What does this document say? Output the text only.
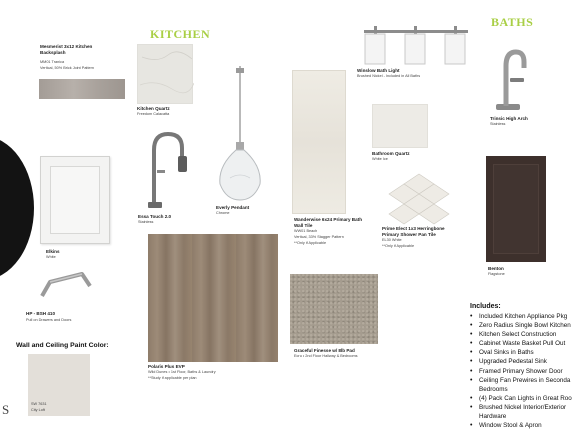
S
KITCHEN
BATHS
Mesmerist 3x12 Kitchen Backsplash
MM01 Tranica
Vertical, 50% Brick Joint Pattern
Kitchen Quartz
Freedom Calacatta
Essa Touch 2.0
Stainless
Everly Pendant
Chrome
Elkins
White
HP - BSH 410
Pull on Drawers and Doors
Wall and Ceiling Paint Color:
SW 7631
City Loft
Polaris Plus EVP
Wild Dunes • 1st Floor, Baths & Laundry
**Study if applicable per plan
Wanderwise 6x24 Primary Bath Wall Tile
WW01 Beach
Vertical, 33% Stagger Pattern
**Only if Applicable
Graceful Finesse w/ 8lb Pad
Ecru • 2nd Floor Hallway & Bedrooms
Winslow Bath Light
Brushed Nickel - Included in All Baths
Bathroom Quartz
White Ice
Prime Elect 1x3 Herringbone Primary Shower Pan Tile
EL30 White
**Only if Applicable
Trinsic High Arch
Stainless
Benton
Flagstone
Includes:
• Included Kitchen Appliance Pkg
• Zero Radius Single Bowl Kitchen
• Kitchen Select Construction
• Cabinet Waste Basket Pull Out
• Oval Sinks in Baths
• Upgraded Pedestal Sink
• Framed Primary Shower Door
• Ceiling Fan Prewires in Seconda
Bedrooms
• (4) Pack Can Lights in Great Roo
• Brushed Nickel Interior/Exterior
Hardware
• Window Stool & Apron
